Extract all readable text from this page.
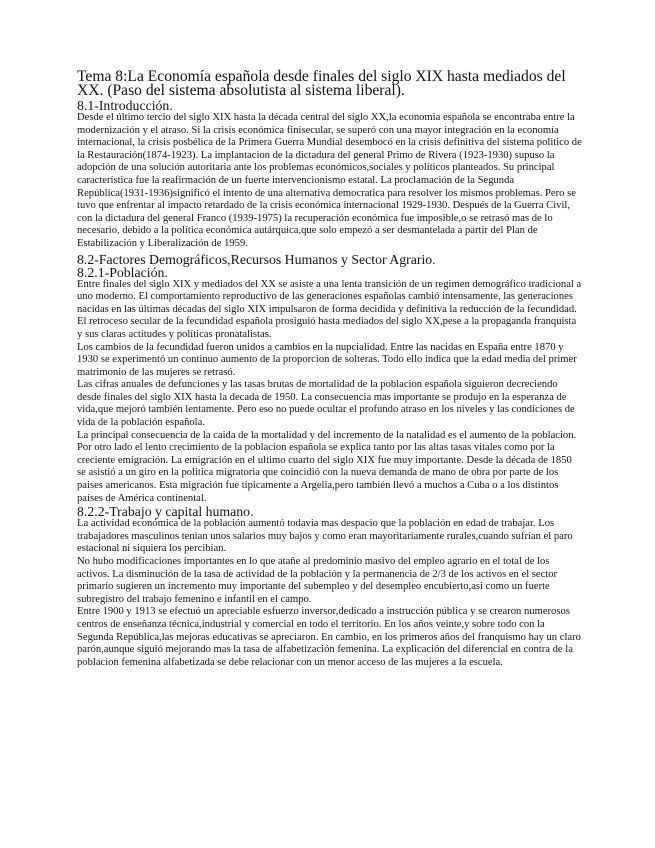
Tema 8:La Economía española desde finales del siglo XIX hasta mediados del XX. (Paso del sistema absolutista al sistema liberal).
8.1-Introducción.

Desde el último tercio del siglo XIX hasta la década central del siglo XX,la economia española se encontraba entre la modernización y el atraso. Si la crisis económica finisecular, se superó con una mayor integración en la economía internacional, la crisis posbélica de la Primera Guerra Mundial desembocó en la crisis definitiva del sistema politico de la Restauración(1874-1923). La implantacion de la dictadura del general Primo de Rivera (1923-1930) supuso la adopción de una solución autoritaria ante los problemas económicos,sociales y políticos planteados. Su principal característica fue la reafirmación de un fuerte intervencionismo estatal. La proclamación de la Segunda República(1931-1936)significó el intento de una alternativa democratica para resolver los mismos problemas. Pero se tuvo que enfrentar al impacto retardado de la crisis económica internacional 1929-1930. Después de la Guerra Civil, con la dictadura del general Franco (1939-1975) la recuperación económica fue imposible,o se retrasó mas de lo necesario, debido a la política económica autárquica,que solo empezó a ser desmantelada a partir del Plan de Estabilización y Liberalización de 1959.

8.2-Factores Demográficos,Recursos Humanos y Sector Agrario.
8.2.1-Población.

Entre finales del siglo XIX y mediados del XX se asiste a una lenta transición de un regimen demográfico tradicional a uno moderno. El comportamiento reproductivo de las generaciones españolas cambió intensamente, las generaciones nacidas en las últimas décadas del siglo XIX impulsaron de forma decidida y definitiva la reducción de la fecundidad. El retroceso secular de la fecundidad española prosiguió hasta mediados del siglo XX,pese a la propaganda franquista y sus claras actitudes y políticas pronatalistas.

Los cambios de la fecundidad fueron unidos a cambios en la nupcialidad. Entre las nacidas en España entre 1870 y 1930 se experimentó un continuo aumento de la proporcion de solteras. Todo ello indica que la edad media del primer matrimonio de las mujeres se retrasó.

Las cifras anuales de defunciones y las tasas brutas de mortalidad de la poblacion española siguieron decreciendo desde finales del siglo XIX hasta la decada de 1950. La consecuencia mas importante se produjo en la esperanza de vida,que mejoró también lentamente. Pero eso no puede ocultar el profundo atraso en los niveles y las condiciones de vida de la población española.

La principal consecuencia de la caida de la mortalidad y del incremento de la natalidad es el aumento de la poblacion.

Por otro lado el lento crecimiento de la poblacion española se explica tanto por las altas tasas vitales como por la creciente emigración. La emigración en el ultimo cuarto del siglo XIX fue muy importante. Desde la década de 1850 se asistió a un giro en la politica migratoria que coincidió con la nueva demanda de mano de obra por parte de los paises americanos. Esta migración fue típicamente a Argelia,pero también llevó a muchos a Cuba o a los distintos paises de América continental.

8.2.2-Trabajo y capital humano.

La actividad económica de la población aumentó todavia mas despacio que la población en edad de trabajar. Los trabajadores masculinos tenian unos salarios muy bajos y como eran mayoritariamente rurales,cuando sufrían el paro estacional ni siquiera los percibían.

No hubo modificaciones importantes en lo que atañe al predominio masivo del empleo agrario en el total de los activos. La disminución de la tasa de actividad de la población y la permanencia de 2/3 de los activos en el sector primario sugieren un incremento muy importante del subempleo y del desempleo encubierto,asi como un fuerte subregistro del trabajo femenino e infantil en el campo.

Entre 1900 y 1913 se efectuó un apreciable esfuerzo inversor,dedicado a instrucción pública y se crearon numerosos centros de enseñanza técnica,industrial y comercial en todo el territorio. En los años veinte,y sobre todo con la Segunda República,las mejoras educativas se apreciaron. En cambio, en los primeros años del franquismo hay un claro parón,aunque siguió mejorando mas la tasa de alfabetización femenina. La explicación del diferencial en contra de la poblacion femenina alfabetizada se debe relacionar con un menor acceso de las mujeres a la escuela.
